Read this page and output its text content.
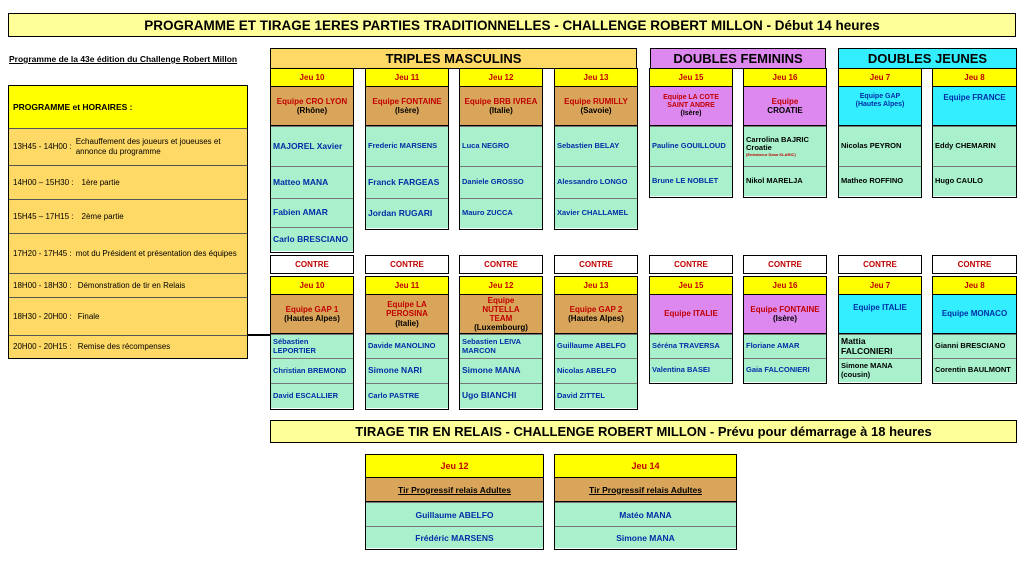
PROGRAMME ET TIRAGE 1ERES PARTIES TRADITIONNELLES - CHALLENGE ROBERT MILLON - Début 14 heures
Programme de la 43e édition du Challenge Robert Millon
PROGRAMME et HORAIRES :
13H45 - 14H00 :
Echauffement des joueurs et joueuses et annonce du programme
14H00 – 15H30 : 1ère partie
15H45 – 17H15 : 2ème partie
17H20 - 17H45 : mot du Président et présentation des équipes
18H00 - 18H30 : Démonstration de tir en Relais
18H30 - 20H00 : Finale
20H00 - 20H15 : Remise des récompenses
TRIPLES MASCULINS	DOUBLES FEMININS	DOUBLES JEUNES
Jeu 10
Equipe CRO LYON
(Rhône)
MAJOREL Xavier
Matteo MANA
Fabien AMAR
Carlo BRESCIANO
Jeu 11
Equipe FONTAINE
(Isère)
Frederic MARSENS
Franck FARGEAS
Jordan RUGARI
Jeu 12
Equipe BRB IVREA
(Italie)
Luca NEGRO
Daniele GROSSO
Mauro ZUCCA
Jeu 13
Equipe RUMILLY
(Savoie)
Sebastien BELAY
Alessandro LONGO
Xavier CHALLAMEL
Jeu 15
Equipe LA COTE SAINT ANDRE
(Isère)
Pauline GOUILLOUD
Brune LE NOBLET
Jeu 16
Equipe
CROATIE
Carrolina BAJRIC Croatie
(Entraineur Dean KLARIC)
Nikol MARELJA
Jeu 7
Equipe GAP
(Hautes Alpes)
Nicolas PEYRON
Matheo ROFFINO
Jeu 8
Equipe FRANCE
Eddy CHEMARIN
Hugo CAULO
CONTRE	CONTRE	CONTRE	CONTRE	CONTRE	CONTRE	CONTRE	CONTRE
Jeu 10
Equipe GAP 1
(Hautes Alpes)
Sébastien LEPORTIER
Christian BREMOND
David ESCALLIER
Jeu 11
Equipe LA PEROSINA
(Italie)
Davide MANOLINO
Simone NARI
Carlo PASTRE
Jeu 12
Equipe NUTELLA TEAM
(Luxembourg)
Sebastien LEIVA MARCON
Simone MANA
Ugo BIANCHI
Jeu 13
Equipe GAP 2
(Hautes Alpes)
Guillaume ABELFO
Nicolas ABELFO
David ZITTEL
Jeu 15
Equipe ITALIE
Séréna TRAVERSA
Valentina BASEI
Jeu 16
Equipe FONTAINE
(Isère)
Floriane AMAR
Gaia FALCONIERI
Jeu 7
Equipe ITALIE
Mattia FALCONIERI
Simone MANA (cousin)
Jeu 8
Equipe MONACO
Gianni BRESCIANO
Corentin BAULMONT
TIRAGE TIR EN RELAIS - CHALLENGE ROBERT MILLON - Prévu pour démarrage à 18 heures
Jeu 12
Tir Progressif relais Adultes
Guillaume ABELFO
Frédéric MARSENS
Jeu 14
Tir Progressif relais Adultes
Matéo MANA
Simone MANA
